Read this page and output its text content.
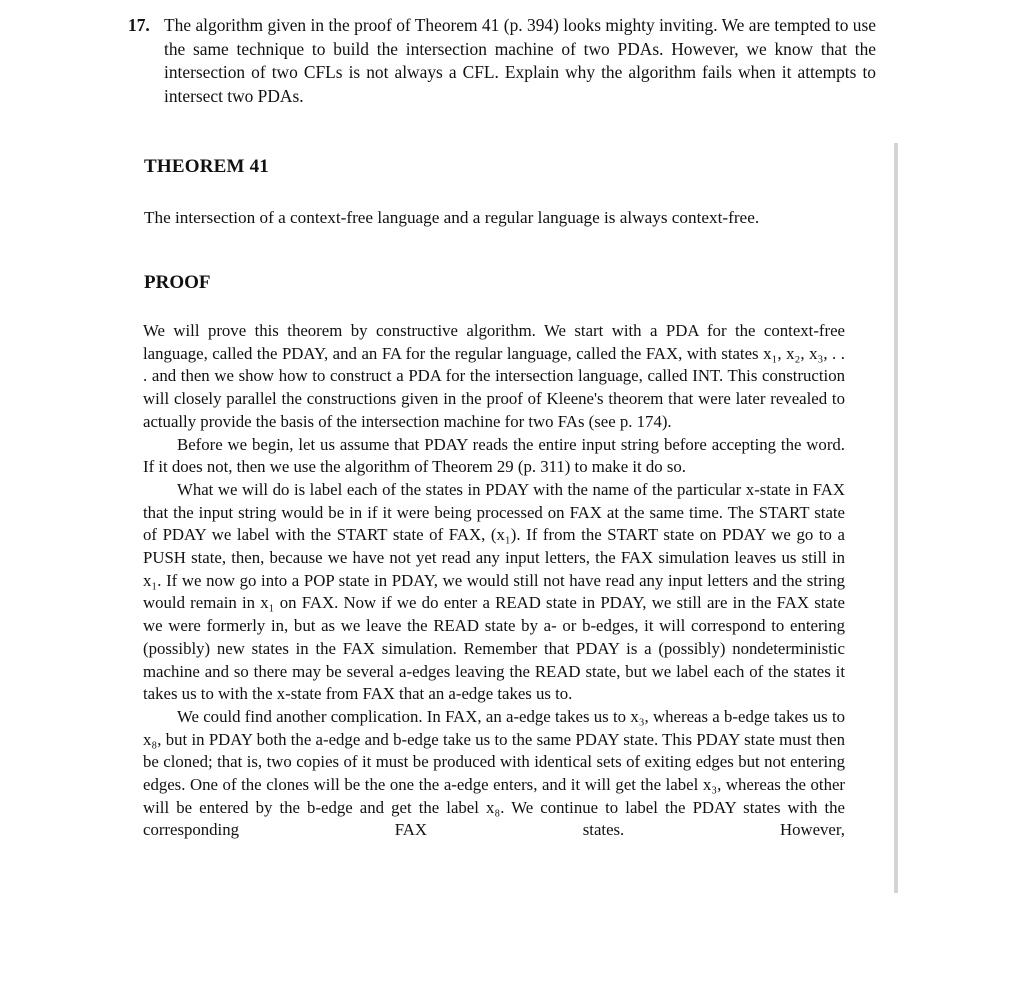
17. The algorithm given in the proof of Theorem 41 (p. 394) looks mighty inviting. We are tempted to use the same technique to build the intersection machine of two PDAs. However, we know that the intersection of two CFLs is not always a CFL. Explain why the algorithm fails when it attempts to intersect two PDAs.
THEOREM 41
The intersection of a context-free language and a regular language is always context-free.
PROOF

We will prove this theorem by constructive algorithm. We start with a PDA for the context-free language, called the PDAY, and an FA for the regular language, called the FAX, with states x₁, x₂, x₃, . . . and then we show how to construct a PDA for the intersection language, called INT. This construction will closely parallel the constructions given in the proof of Kleene's theorem that were later revealed to actually provide the basis of the intersection machine for two FAs (see p. 174).

Before we begin, let us assume that PDAY reads the entire input string before accepting the word. If it does not, then we use the algorithm of Theorem 29 (p. 311) to make it do so.

What we will do is label each of the states in PDAY with the name of the particular x-state in FAX that the input string would be in if it were being processed on FAX at the same time. The START state of PDAY we label with the START state of FAX, (x₁). If from the START state on PDAY we go to a PUSH state, then, because we have not yet read any input letters, the FAX simulation leaves us still in x₁. If we now go into a POP state in PDAY, we would still not have read any input letters and the string would remain in x₁ on FAX. Now if we do enter a READ state in PDAY, we still are in the FAX state we were formerly in, but as we leave the READ state by a- or b-edges, it will correspond to entering (possibly) new states in the FAX simulation. Remember that PDAY is a (possibly) nondeterministic machine and so there may be several a-edges leaving the READ state, but we label each of the states it takes us to with the x-state from FAX that an a-edge takes us to.

We could find another complication. In FAX, an a-edge takes us to x₃, whereas a b-edge takes us to x₈, but in PDAY both the a-edge and b-edge take us to the same PDAY state. This PDAY state must then be cloned; that is, two copies of it must be produced with identical sets of exiting edges but not entering edges. One of the clones will be the one the a-edge enters, and it will get the label x₃, whereas the other will be entered by the b-edge and get the label x₈. We continue to label the PDAY states with the corresponding FAX states. However,
